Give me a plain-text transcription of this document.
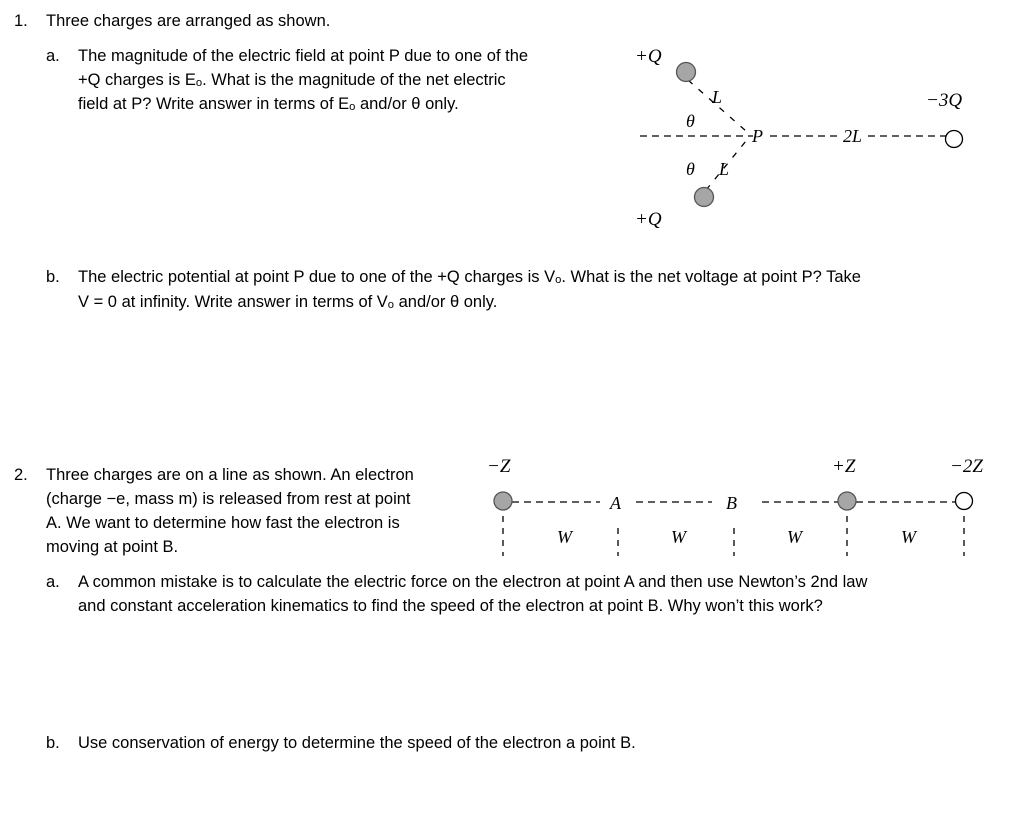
1. Three charges are arranged as shown.
a. The magnitude of the electric field at point P due to one of the
+Q charges is Eₒ. What is the magnitude of the net electric
field at P? Write answer in terms of Eₒ and/or θ only.
+Q
+Q
−3Q
L
L
θ
θ
P	2L
b. The electric potential at point P due to one of the +Q charges is Vₒ. What is the net voltage at point P? Take
V = 0 at infinity. Write answer in terms of Vₒ and/or θ only.
2. Three charges are on a line as shown. An electron
(charge −e, mass m) is released from rest at point
A. We want to determine how fast the electron is
moving at point B.
−Z	+Z	−2Z
A	B
W	W	W	W
a. A common mistake is to calculate the electric force on the electron at point A and then use Newton’s 2nd law
and constant acceleration kinematics to find the speed of the electron at point B. Why won’t this work?
b. Use conservation of energy to determine the speed of the electron a point B.
